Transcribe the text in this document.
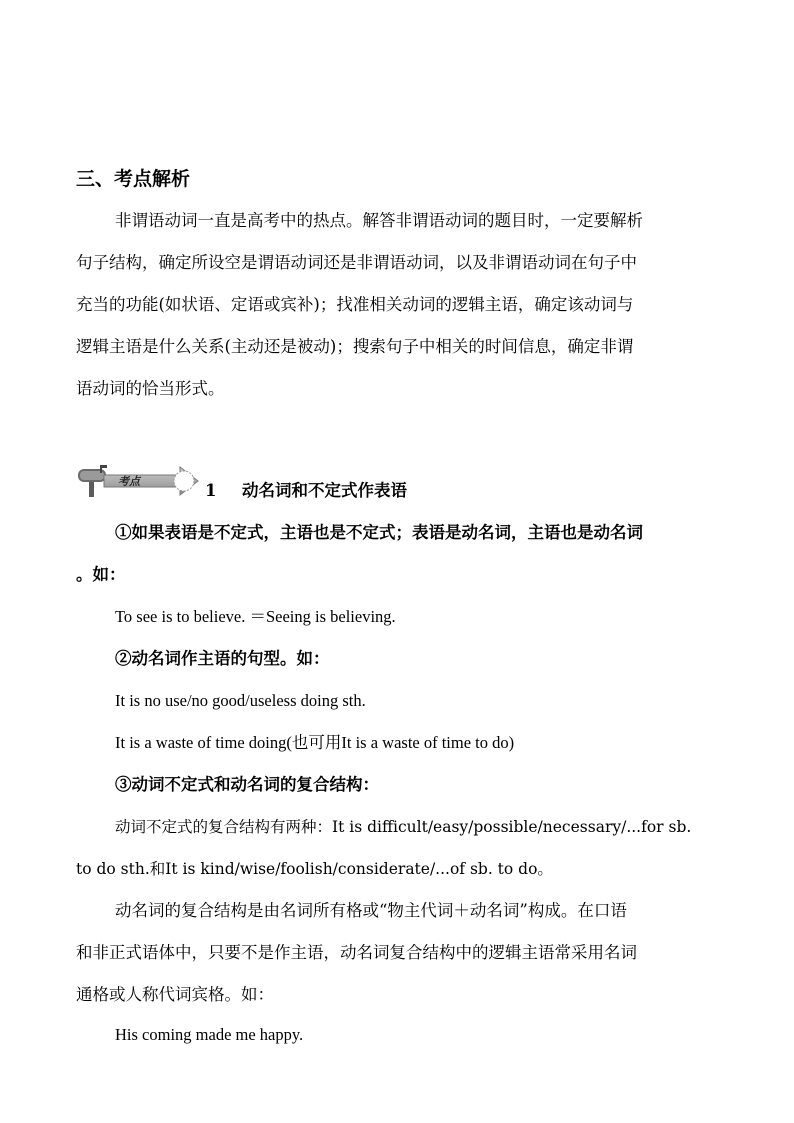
三、考点解析
非谓语动词一直是高考中的热点。解答非谓语动词的题目时，一定要解析
句子结构，确定所设空是谓语动词还是非谓语动词，以及非谓语动词在句子中
充当的功能(如状语、定语或宾补)；找准相关动词的逻辑主语，确定该动词与
逻辑主语是什么关系(主动还是被动)；搜索句子中相关的时间信息，确定非谓
语动词的恰当形式。
考点	1 动名词和不定式作表语
①如果表语是不定式，主语也是不定式；表语是动名词，主语也是动名词
。如：
To see is to believe. ＝Seeing is believing.
②动名词作主语的句型。如：
It is no use/no good/useless doing sth.
It is a waste of time doing(也可用It is a waste of time to do)
③动词不定式和动名词的复合结构：
动词不定式的复合结构有两种：It is difficult/easy/possible/necessary/...for sb.
to do sth.和It is kind/wise/foolish/considerate/...of sb. to do。
动名词的复合结构是由名词所有格或“物主代词＋动名词”构成。在口语
和非正式语体中，只要不是作主语，动名词复合结构中的逻辑主语常采用名词
通格或人称代词宾格。如：
His coming made me happy.
